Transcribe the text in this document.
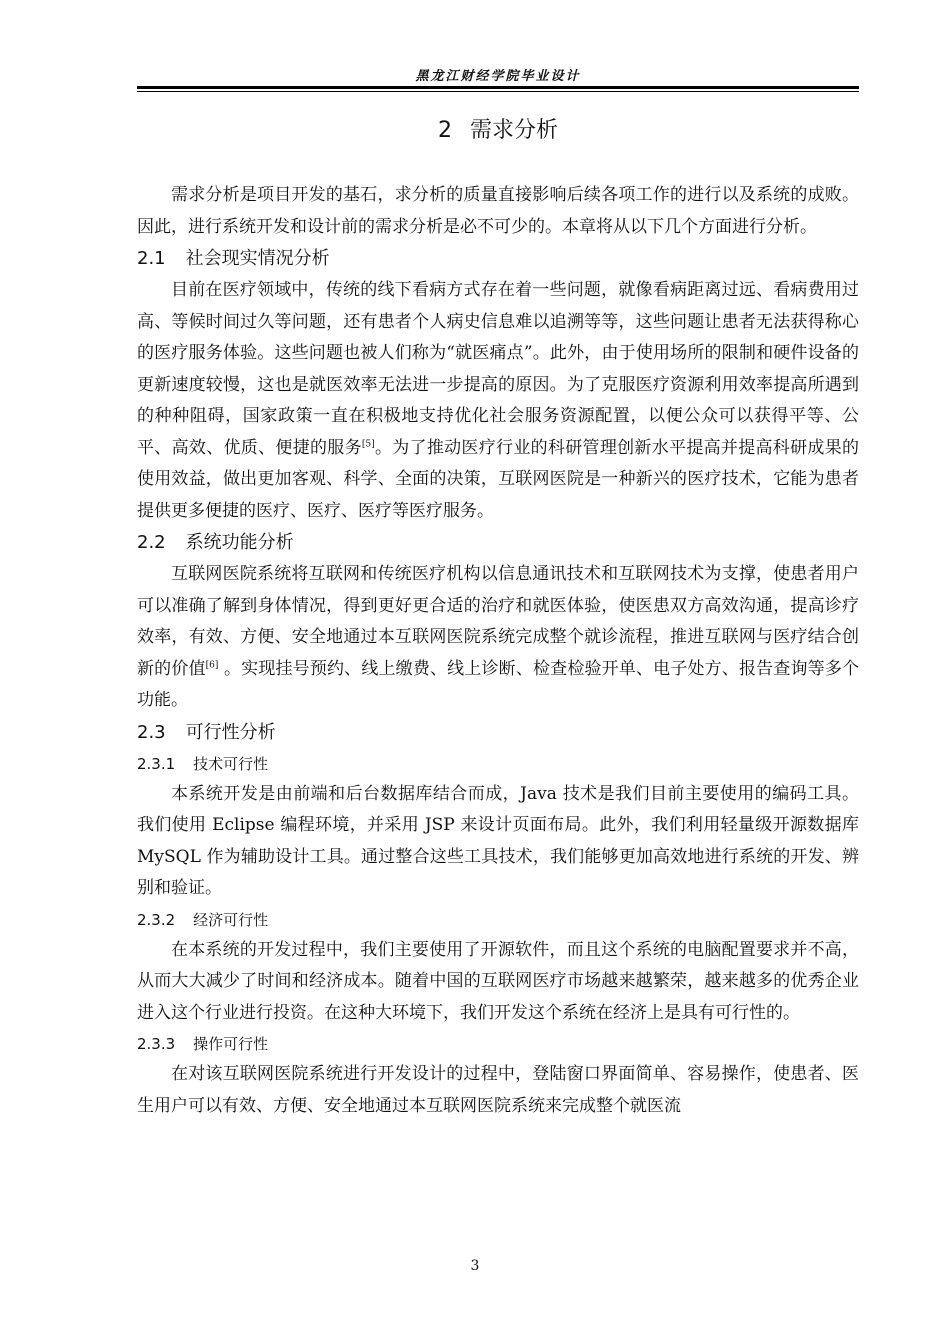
黑龙江财经学院毕业设计
2 需求分析

需求分析是项目开发的基石，求分析的质量直接影响后续各项工作的进行以及系统的成败。因此，进行系统开发和设计前的需求分析是必不可少的。本章将从以下几个方面进行分析。

2.1 社会现实情况分析

目前在医疗领域中，传统的线下看病方式存在着一些问题，就像看病距离过远、看病费用过高、等候时间过久等问题，还有患者个人病史信息难以追溯等等，这些问题让患者无法获得称心的医疗服务体验。这些问题也被人们称为“就医痛点”。此外，由于使用场所的限制和硬件设备的更新速度较慢，这也是就医效率无法进一步提高的原因。为了克服医疗资源利用效率提高所遇到的种种阻碍，国家政策一直在积极地支持优化社会服务资源配置，以便公众可以获得平等、公平、高效、优质、便捷的服务[5]。为了推动医疗行业的科研管理创新水平提高并提高科研成果的使用效益，做出更加客观、科学、全面的决策，互联网医院是一种新兴的医疗技术，它能为患者提供更多便捷的医疗、医疗、医疗等医疗服务。

2.2 系统功能分析

互联网医院系统将互联网和传统医疗机构以信息通讯技术和互联网技术为支撑，使患者用户可以准确了解到身体情况，得到更好更合适的治疗和就医体验，使医患双方高效沟通，提高诊疗效率，有效、方便、安全地通过本互联网医院系统完成整个就诊流程，推进互联网与医疗结合创新的价值[6] 。实现挂号预约、线上缴费、线上诊断、检查检验开单、电子处方、报告查询等多个功能。

2.3 可行性分析
2.3.1 技术可行性

本系统开发是由前端和后台数据库结合而成，Java 技术是我们目前主要使用的编码工具。我们使用 Eclipse 编程环境，并采用 JSP 来设计页面布局。此外，我们利用轻量级开源数据库 MySQL 作为辅助设计工具。通过整合这些工具技术，我们能够更加高效地进行系统的开发、辨别和验证。

2.3.2 经济可行性

在本系统的开发过程中，我们主要使用了开源软件，而且这个系统的电脑配置要求并不高，从而大大减少了时间和经济成本。随着中国的互联网医疗市场越来越繁荣，越来越多的优秀企业进入这个行业进行投资。在这种大环境下，我们开发这个系统在经济上是具有可行性的。

2.3.3 操作可行性

在对该互联网医院系统进行开发设计的过程中，登陆窗口界面简单、容易操作，使患者、医生用户可以有效、方便、安全地通过本互联网医院系统来完成整个就医流

3
